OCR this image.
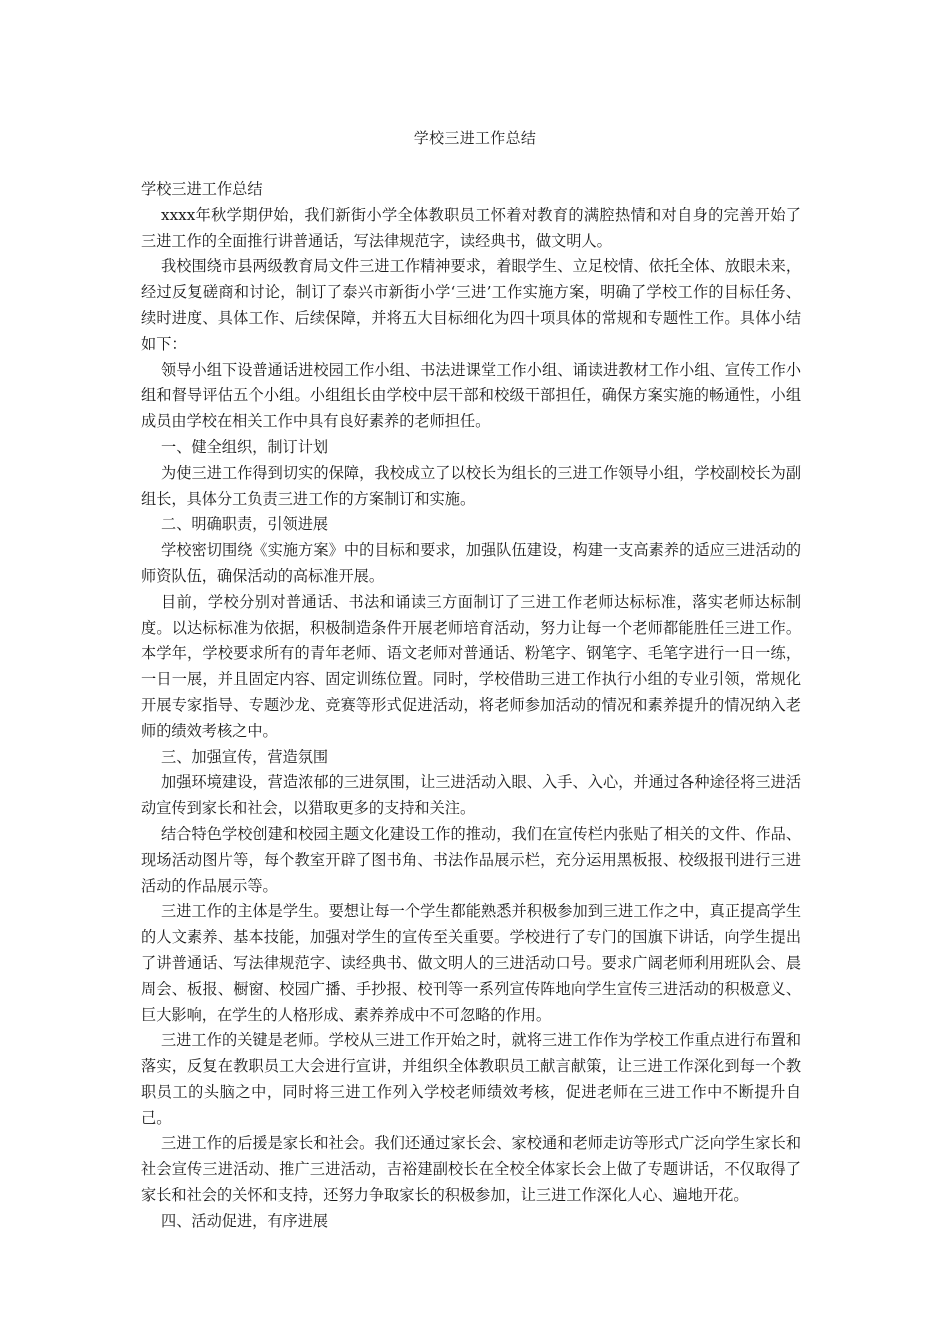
学校三进工作总结

学校三进工作总结

xxxx年秋学期伊始，我们新街小学全体教职员工怀着对教育的满腔热情和对自身的完善开始了三进工作的全面推行讲普通话，写法律规范字，读经典书，做文明人。

我校围绕市县两级教育局文件三进工作精神要求，着眼学生、立足校情、依托全体、放眼未来，经过反复磋商和讨论，制订了泰兴市新街小学‘三进’工作实施方案，明确了学校工作的目标任务、续时进度、具体工作、后续保障，并将五大目标细化为四十项具体的常规和专题性工作。具体小结如下：

领导小组下设普通话进校园工作小组、书法进课堂工作小组、诵读进教材工作小组、宣传工作小组和督导评估五个小组。小组组长由学校中层干部和校级干部担任，确保方案实施的畅通性，小组成员由学校在相关工作中具有良好素养的老师担任。

一、健全组织，制订计划

为使三进工作得到切实的保障，我校成立了以校长为组长的三进工作领导小组，学校副校长为副组长，具体分工负责三进工作的方案制订和实施。

二、明确职责，引领进展

学校密切围绕《实施方案》中的目标和要求，加强队伍建设，构建一支高素养的适应三进活动的师资队伍，确保活动的高标准开展。

目前，学校分别对普通话、书法和诵读三方面制订了三进工作老师达标标准，落实老师达标制度。以达标标准为依据，积极制造条件开展老师培育活动，努力让每一个老师都能胜任三进工作。本学年，学校要求所有的青年老师、语文老师对普通话、粉笔字、钢笔字、毛笔字进行一日一练，一日一展，并且固定内容、固定训练位置。同时，学校借助三进工作执行小组的专业引领，常规化开展专家指导、专题沙龙、竞赛等形式促进活动，将老师参加活动的情况和素养提升的情况纳入老师的绩效考核之中。

三、加强宣传，营造氛围

加强环境建设，营造浓郁的三进氛围，让三进活动入眼、入手、入心，并通过各种途径将三进活动宣传到家长和社会，以猎取更多的支持和关注。

结合特色学校创建和校园主题文化建设工作的推动，我们在宣传栏内张贴了相关的文件、作品、现场活动图片等，每个教室开辟了图书角、书法作品展示栏，充分运用黑板报、校级报刊进行三进活动的作品展示等。

三进工作的主体是学生。要想让每一个学生都能熟悉并积极参加到三进工作之中，真正提高学生的人文素养、基本技能，加强对学生的宣传至关重要。学校进行了专门的国旗下讲话，向学生提出了讲普通话、写法律规范字、读经典书、做文明人的三进活动口号。要求广阔老师利用班队会、晨周会、板报、橱窗、校园广播、手抄报、校刊等一系列宣传阵地向学生宣传三进活动的积极意义、巨大影响，在学生的人格形成、素养养成中不可忽略的作用。

三进工作的关键是老师。学校从三进工作开始之时，就将三进工作作为学校工作重点进行布置和落实，反复在教职员工大会进行宣讲，并组织全体教职员工献言献策，让三进工作深化到每一个教职员工的头脑之中，同时将三进工作列入学校老师绩效考核，促进老师在三进工作中不断提升自己。

三进工作的后援是家长和社会。我们还通过家长会、家校通和老师走访等形式广泛向学生家长和社会宣传三进活动、推广三进活动，吉裕建副校长在全校全体家长会上做了专题讲话，不仅取得了家长和社会的关怀和支持，还努力争取家长的积极参加，让三进工作深化人心、遍地开花。

四、活动促进，有序进展
